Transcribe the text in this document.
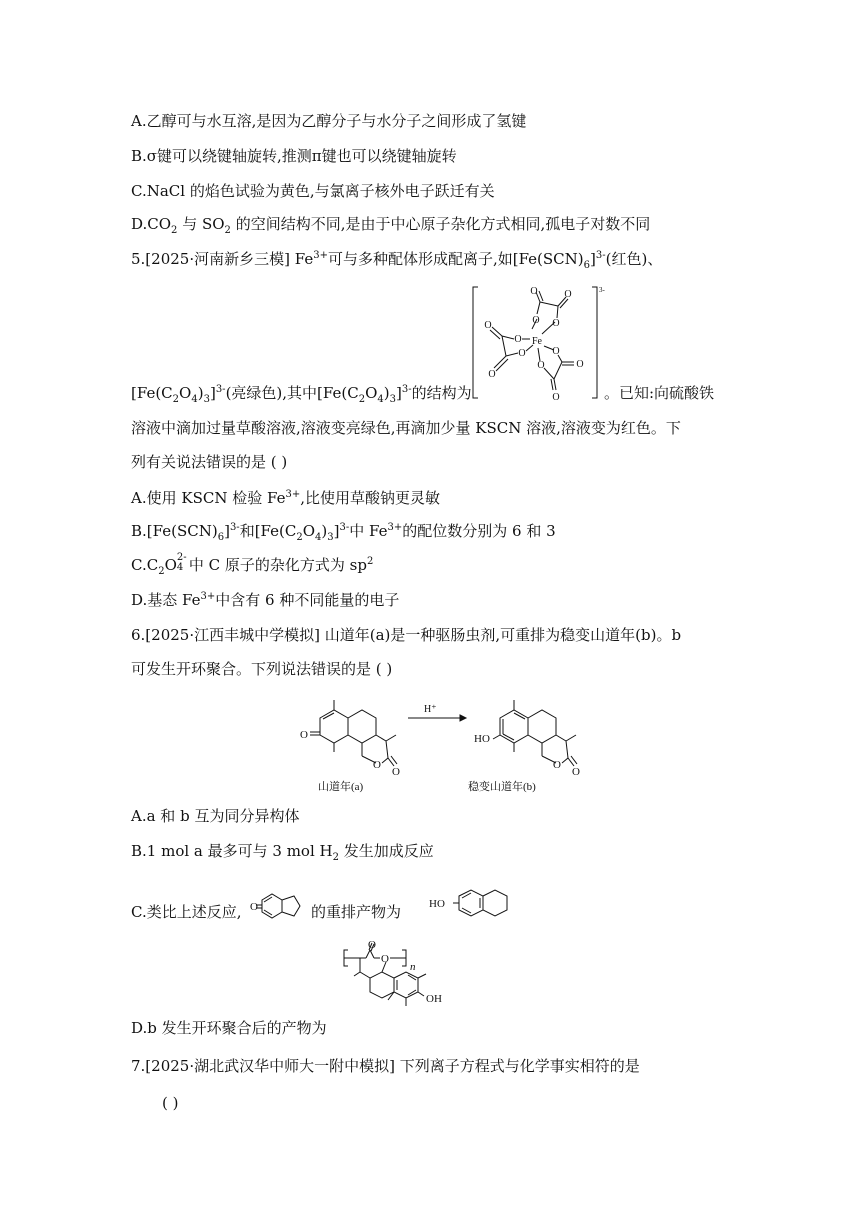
A.乙醇可与水互溶,是因为乙醇分子与水分子之间形成了氢键
B.σ键可以绕键轴旋转,推测π键也可以绕键轴旋转
C.NaCl 的焰色试验为黄色,与氯离子核外电子跃迁有关
$D.CO_2$ 与 $SO_2$ 的空间结构不同,是由于中心原子杂化方式相同,孤电子对数不同
5.[2025·河南新乡三模] $Fe^{3+}$可与多种配体形成配离子,如$[Fe(SCN)_6]^{3-}$(红色)、
$[Fe(C_2O_4)_3]^{3-}$(亮绿色),其中$[Fe(C_2O_4)_3]^{3-}$的结构为	。已知:向硫酸铁
Fe
O
O
O
O
O
O
O
O
O
O
O
O
3-
溶液中滴加过量草酸溶液,溶液变亮绿色,再滴加少量 KSCN 溶液,溶液变为红色。下
列有关说法错误的是 ( )
A.使用 KSCN 检验 $Fe^{3+}$,比使用草酸钠更灵敏
$B.[Fe(SCN)_6]^{3-}$和$[Fe(C_2O_4)_3]^{3-}$中 $Fe^{3+}$的配位数分别为 6 和 3
$C.C_2O$ 2-
4 中 C 原子的杂化方式为 $sp^2$
D.基态 $Fe^{3+}$中含有 6 种不同能量的电子
6.[2025·江西丰城中学模拟] 山道年(a)是一种驱肠虫剂,可重排为稳变山道年(b)。b
可发生开环聚合。下列说法错误的是 ( )
O
O
O
HO
O
O
H⁺
山道年(a)	稳变山道年(b)
A.a 和 b 互为同分异构体
B.1 mol a 最多可与 3 mol $H_2$ 发生加成反应
C.类比上述反应, O	的重排产物为	HO
O
O
n
OH
D.b 发生开环聚合后的产物为
7.[2025·湖北武汉华中师大一附中模拟] 下列离子方程式与化学事实相符的是
( )
